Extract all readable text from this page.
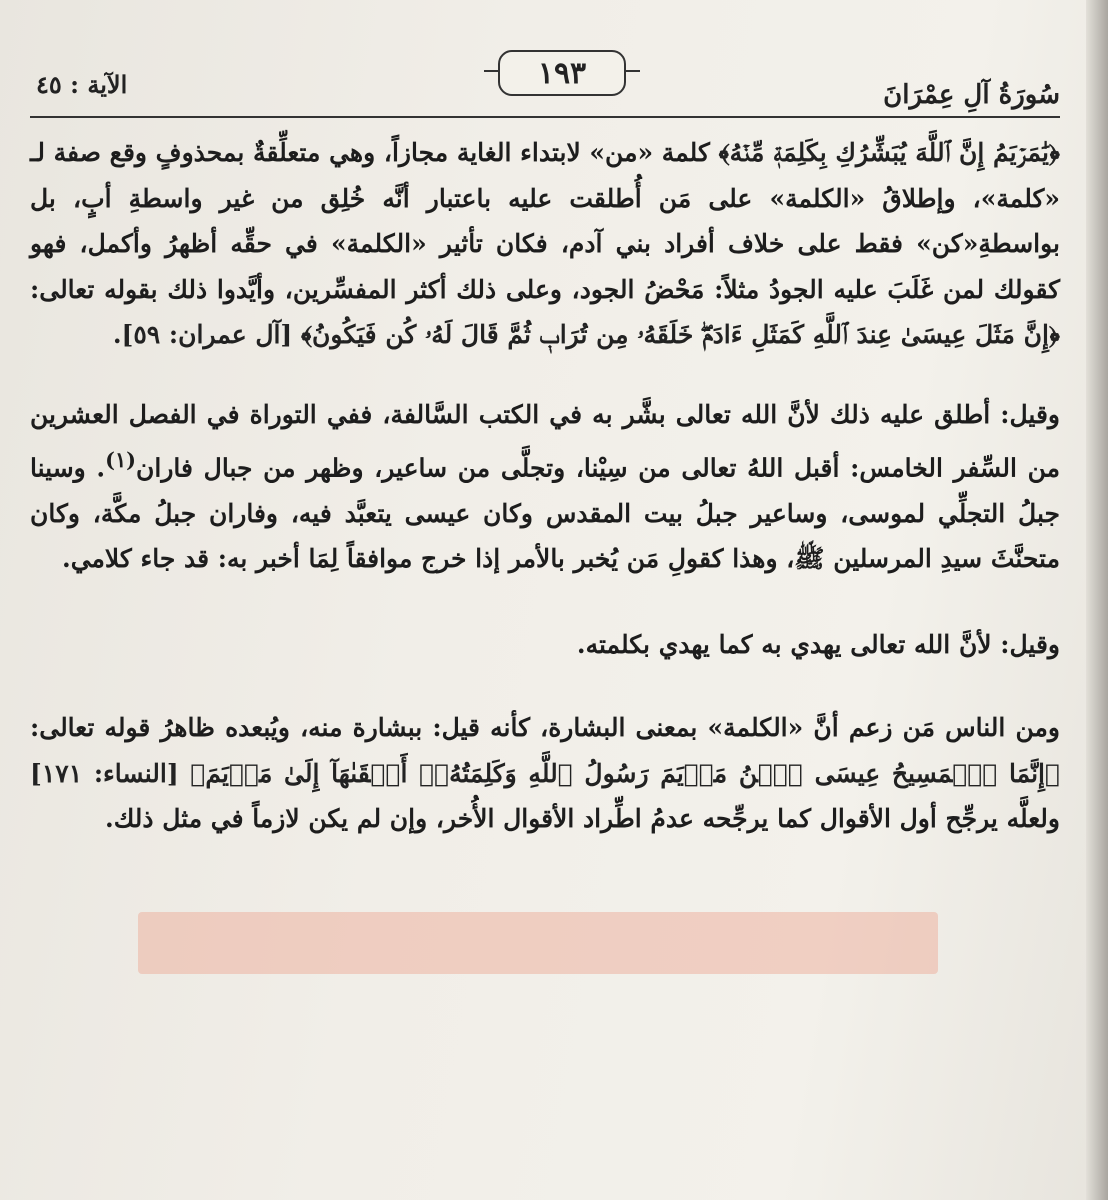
سُورَةُ آلِ عِمْرَانَ
١٩٣
الآية : ٤٥

﴿يَٰمَرۡيَمُ إِنَّ ٱللَّهَ يُبَشِّرُكِ بِكَلِمَةٖ مِّنۡهُ﴾ كلمة «من» لابتداء الغاية مجازاً، وهي متعلِّقةٌ بمحذوفٍ وقع صفة لـ «كلمة»، وإطلاقُ «الكلمة» على مَن أُطلقت عليه باعتبار أنَّه خُلِق من غير واسطةِ أبٍ، بل بواسطةِ«كن» فقط على خلاف أفراد بني آدم، فكان تأثير «الكلمة» في حقِّه أظهرُ وأكمل، فهو كقولك لمن غَلَبَ عليه الجودُ مثلاً: مَحْضُ الجود، وعلى ذلك أكثر المفسِّرين، وأيَّدوا ذلك بقوله تعالى: ﴿إِنَّ مَثَلَ عِيسَىٰ عِندَ ٱللَّهِ كَمَثَلِ ءَادَمَۖ خَلَقَهُۥ مِن تُرَابٖ ثُمَّ قَالَ لَهُۥ كُن فَيَكُونُ﴾ [آل عمران: ٥٩].

وقيل: أطلق عليه ذلك لأنَّ الله تعالى بشَّر به في الكتب السَّالفة، ففي التوراة في الفصل العشرين من السِّفر الخامس: أقبل اللهُ تعالى من سِيْنا، وتجلَّى من ساعير، وظهر من جبال فاران$^{(١)}$. وسينا جبلُ التجلِّي لموسى، وساعير جبلُ بيت المقدس وكان عيسى يتعبَّد فيه، وفاران جبلُ مكَّة، وكان متحنَّثَ سيدِ المرسلين ﷺ، وهذا كقولِ مَن يُخبر بالأمر إذا خرج موافقاً لِمَا أخبر به: قد جاء كلامي.

وقيل: لأنَّ الله تعالى يهدي به كما يهدي بكلمته.

ومن الناس مَن زعم أنَّ «الكلمة» بمعنى البشارة، كأنه قيل: ببشارة منه، ويُبعده ظاهرُ قوله تعالى: ﴿إِنَّمَا ٱلۡمَسِيحُ عِيسَى ٱبۡنُ مَرۡيَمَ رَسُولُ ٱللَّهِ وَكَلِمَتُهُۥٓ أَلۡقَىٰهَآ إِلَىٰ مَرۡيَمَ﴾ [النساء: ١٧١] ولعلَّه يرجِّح أول الأقوال كما يرجِّحه عدمُ اطِّراد الأقوال الأُخر، وإن لم يكن لازماً في مثل ذلك.
